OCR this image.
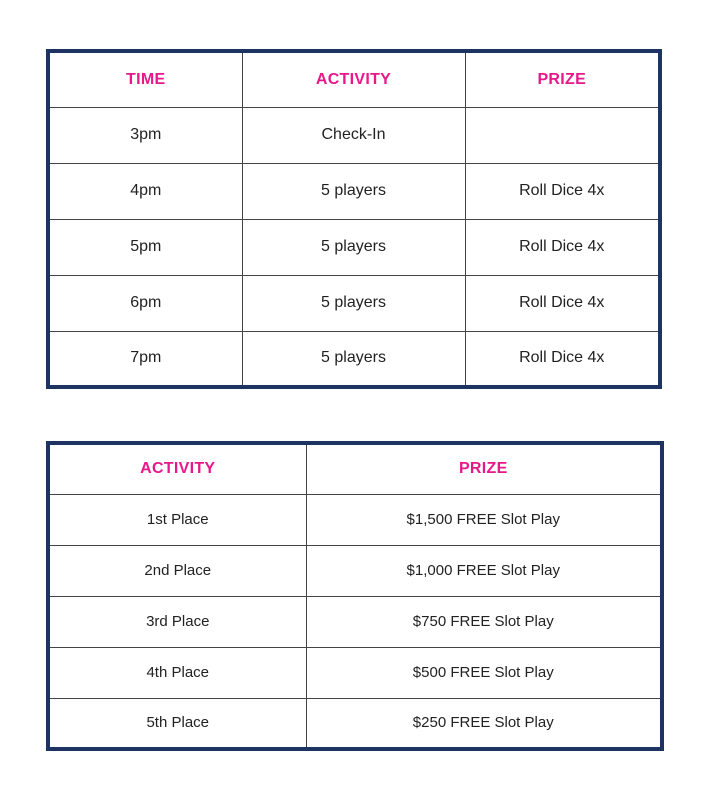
TIME	ACTIVITY	PRIZE
3pm	Check-In	
4pm	5 players	Roll Dice 4x
5pm	5 players	Roll Dice 4x
6pm	5 players	Roll Dice 4x
7pm	5 players	Roll Dice 4x
ACTIVITY	PRIZE
1st Place	$1,500 FREE Slot Play
2nd Place	$1,000 FREE Slot Play
3rd Place	$750 FREE Slot Play
4th Place	$500 FREE Slot Play
5th Place	$250 FREE Slot Play
